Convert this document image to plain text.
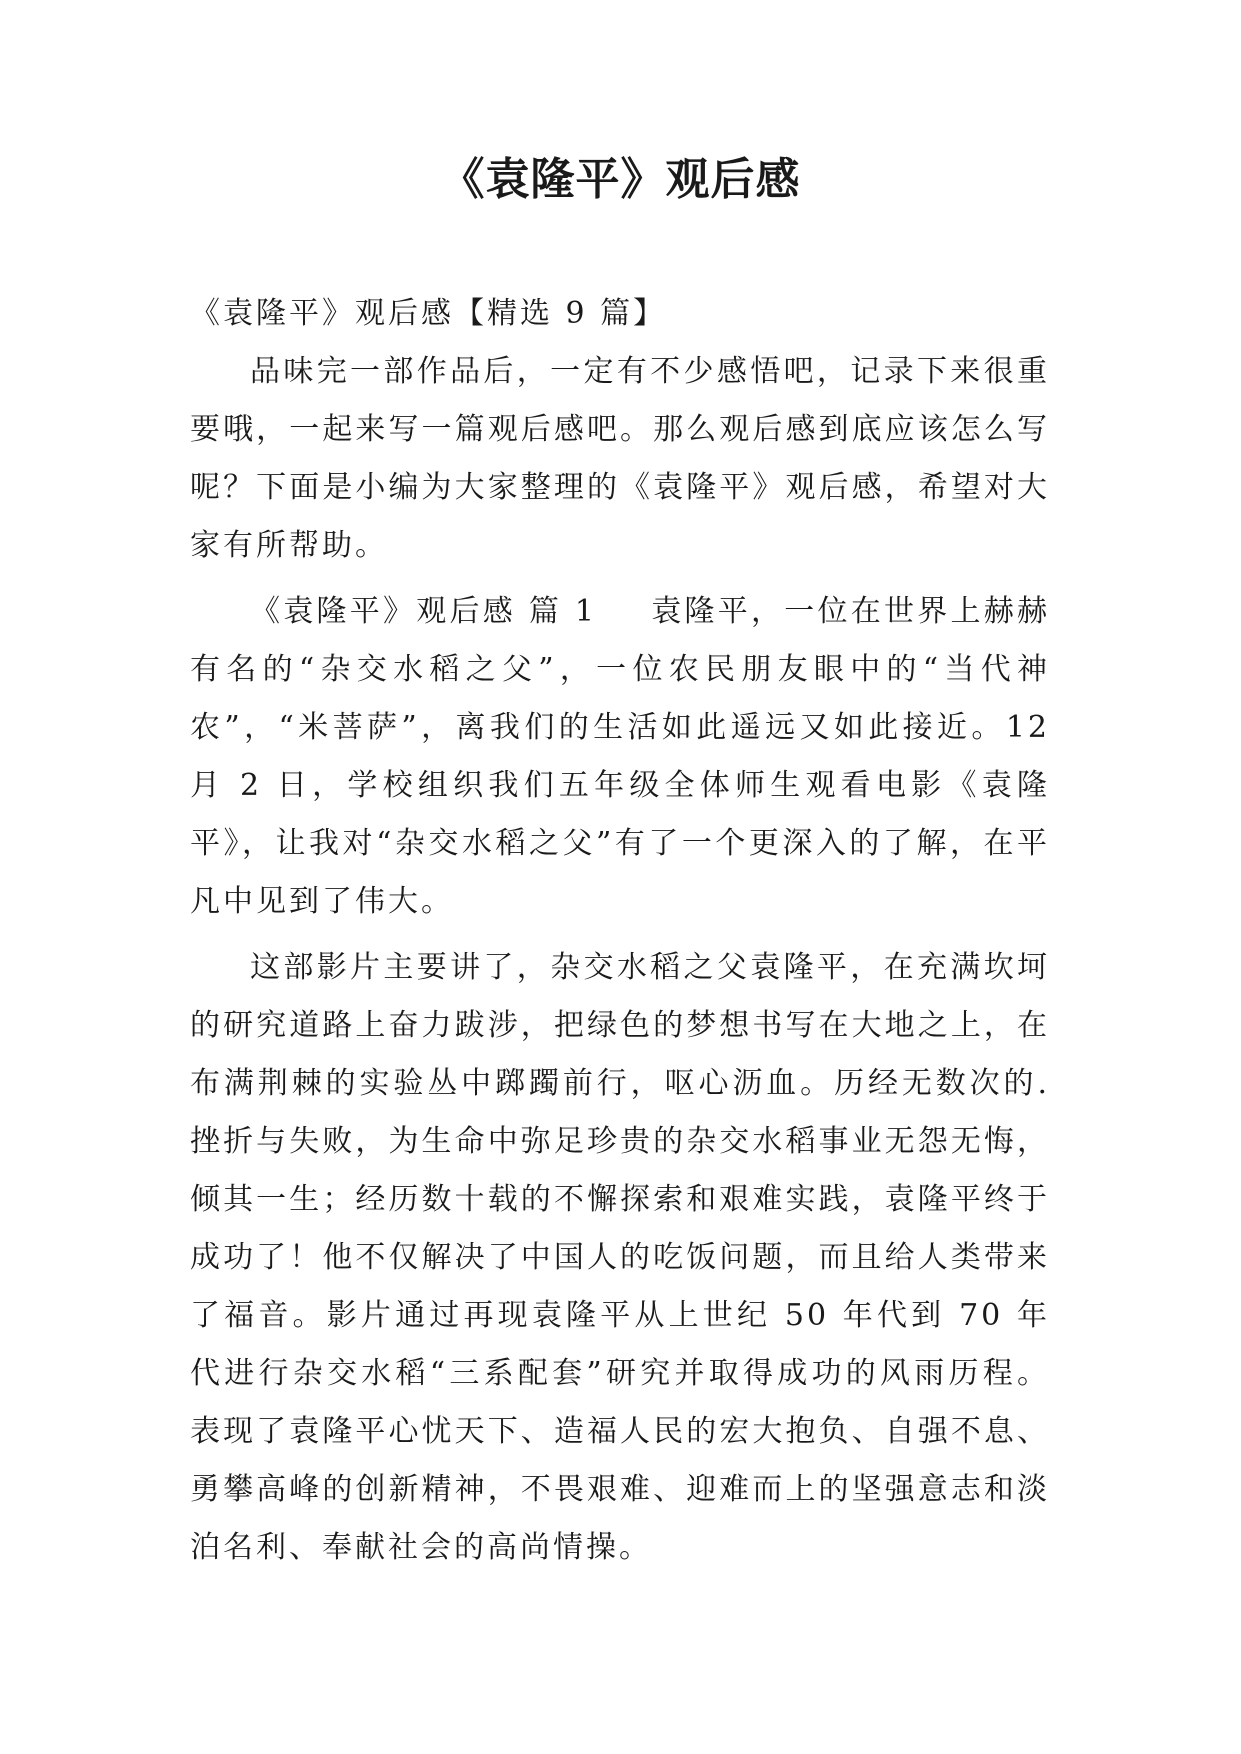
《袁隆平》观后感

《袁隆平》观后感【精选 9 篇】

品味完一部作品后，一定有不少感悟吧，记录下来很重要哦，一起来写一篇观后感吧。那么观后感到底应该怎么写呢？下面是小编为大家整理的《袁隆平》观后感，希望对大家有所帮助。

《袁隆平》观后感 篇 1 袁隆平，一位在世界上赫赫有名的“杂交水稻之父”，一位农民朋友眼中的“当代神农”，“米菩萨”，离我们的生活如此遥远又如此接近。12 月 2 日，学校组织我们五年级全体师生观看电影《袁隆平》，让我对“杂交水稻之父”有了一个更深入的了解，在平凡中见到了伟大。

这部影片主要讲了，杂交水稻之父袁隆平，在充满坎坷的研究道路上奋力跋涉，把绿色的梦想书写在大地之上，在布满荆棘的实验丛中踯躅前行，呕心沥血。历经无数次的.挫折与失败，为生命中弥足珍贵的杂交水稻事业无怨无悔，倾其一生；经历数十载的不懈探索和艰难实践，袁隆平终于成功了！他不仅解决了中国人的吃饭问题，而且给人类带来了福音。影片通过再现袁隆平从上世纪 50 年代到 70 年代进行杂交水稻“三系配套”研究并取得成功的风雨历程。表现了袁隆平心忧天下、造福人民的宏大抱负、自强不息、勇攀高峰的创新精神，不畏艰难、迎难而上的坚强意志和淡泊名利、奉献社会的高尚情操。
